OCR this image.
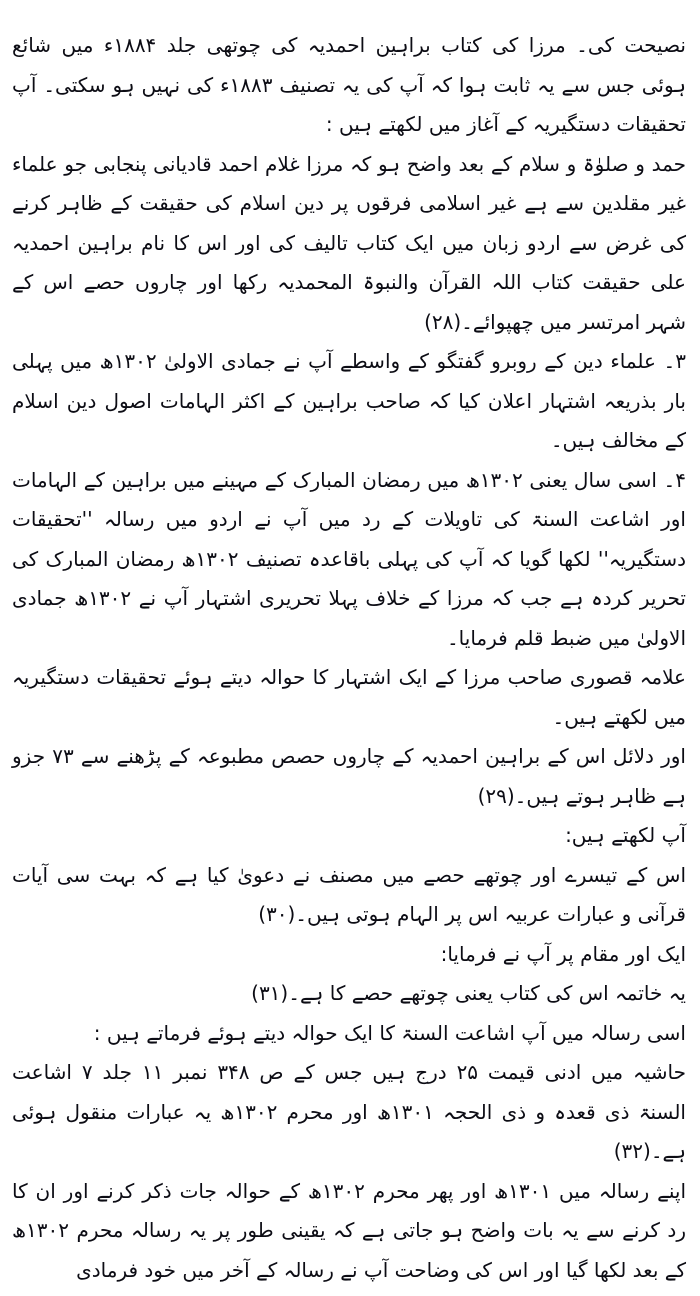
نصیحت کی۔ مرزا کی کتاب براہین احمدیہ کی چوتھی جلد ۱۸۸۴ء میں شائع ہوئی جس سے یہ ثابت ہوا کہ آپ کی یہ تصنیف ۱۸۸۳ء کی نہیں ہو سکتی۔ آپ تحقیقات دستگیریہ کے آغاز میں لکھتے ہیں :

حمد و صلوٰۃ و سلام کے بعد واضح ہو کہ مرزا غلام احمد قادیانی پنجابی جو علماء غیر مقلدین سے ہے غیر اسلامی فرقوں پر دین اسلام کی حقیقت کے ظاہر کرنے کی غرض سے اردو زبان میں ایک کتاب تالیف کی اور اس کا نام براہین احمدیہ علی حقیقت کتاب اللہ القرآن والنبوۃ المحمدیہ رکھا اور چاروں حصے اس کے شہر امرتسر میں چھپوائے۔(۲۸)

۳۔ علماء دین کے روبرو گفتگو کے واسطے آپ نے جمادی الاولیٰ ۱۳۰۲ھ میں پہلی بار بذریعہ اشتہار اعلان کیا کہ صاحب براہین کے اکثر الہامات اصول دین اسلام کے مخالف ہیں۔

۴۔ اسی سال یعنی ۱۳۰۲ھ میں رمضان المبارک کے مہینے میں براہین کے الہامات اور اشاعت السنۃ کی تاویلات کے رد میں آپ نے اردو میں رسالہ ''تحقیقات دستگیریہ'' لکھا گویا کہ آپ کی پہلی باقاعدہ تصنیف ۱۳۰۲ھ رمضان المبارک کی تحریر کردہ ہے جب کہ مرزا کے خلاف پہلا تحریری اشتہار آپ نے ۱۳۰۲ھ جمادی الاولیٰ میں ضبط قلم فرمایا۔

علامہ قصوری صاحب مرزا کے ایک اشتہار کا حوالہ دیتے ہوئے تحقیقات دستگیریہ میں لکھتے ہیں۔

اور دلائل اس کے براہین احمدیہ کے چاروں حصص مطبوعہ کے پڑھنے سے ۷۳ جزو ہے ظاہر ہوتے ہیں۔(۲۹)

آپ لکھتے ہیں:

اس کے تیسرے اور چوتھے حصے میں مصنف نے دعویٰ کیا ہے کہ بہت سی آیات قرآنی و عبارات عربیہ اس پر الہام ہوتی ہیں۔(۳۰)

ایک اور مقام پر آپ نے فرمایا:

یہ خاتمہ اس کی کتاب یعنی چوتھے حصے کا ہے۔(۳۱)

اسی رسالہ میں آپ اشاعت السنۃ کا ایک حوالہ دیتے ہوئے فرماتے ہیں :

حاشیہ میں ادنی قیمت ۲۵ درج ہیں جس کے ص ۳۴۸ نمبر ۱۱ جلد ۷ اشاعت السنۃ ذی قعدہ و ذی الحجہ ۱۳۰۱ھ اور محرم ۱۳۰۲ھ یہ عبارات منقول ہوئی ہے۔(۳۲)

اپنے رسالہ میں ۱۳۰۱ھ اور پھر محرم ۱۳۰۲ھ کے حوالہ جات ذکر کرنے اور ان کا رد کرنے سے یہ بات واضح ہو جاتی ہے کہ یقینی طور پر یہ رسالہ محرم ۱۳۰۲ھ کے بعد لکھا گیا اور اس کی وضاحت آپ نے رسالہ کے آخر میں خود فرمادی
